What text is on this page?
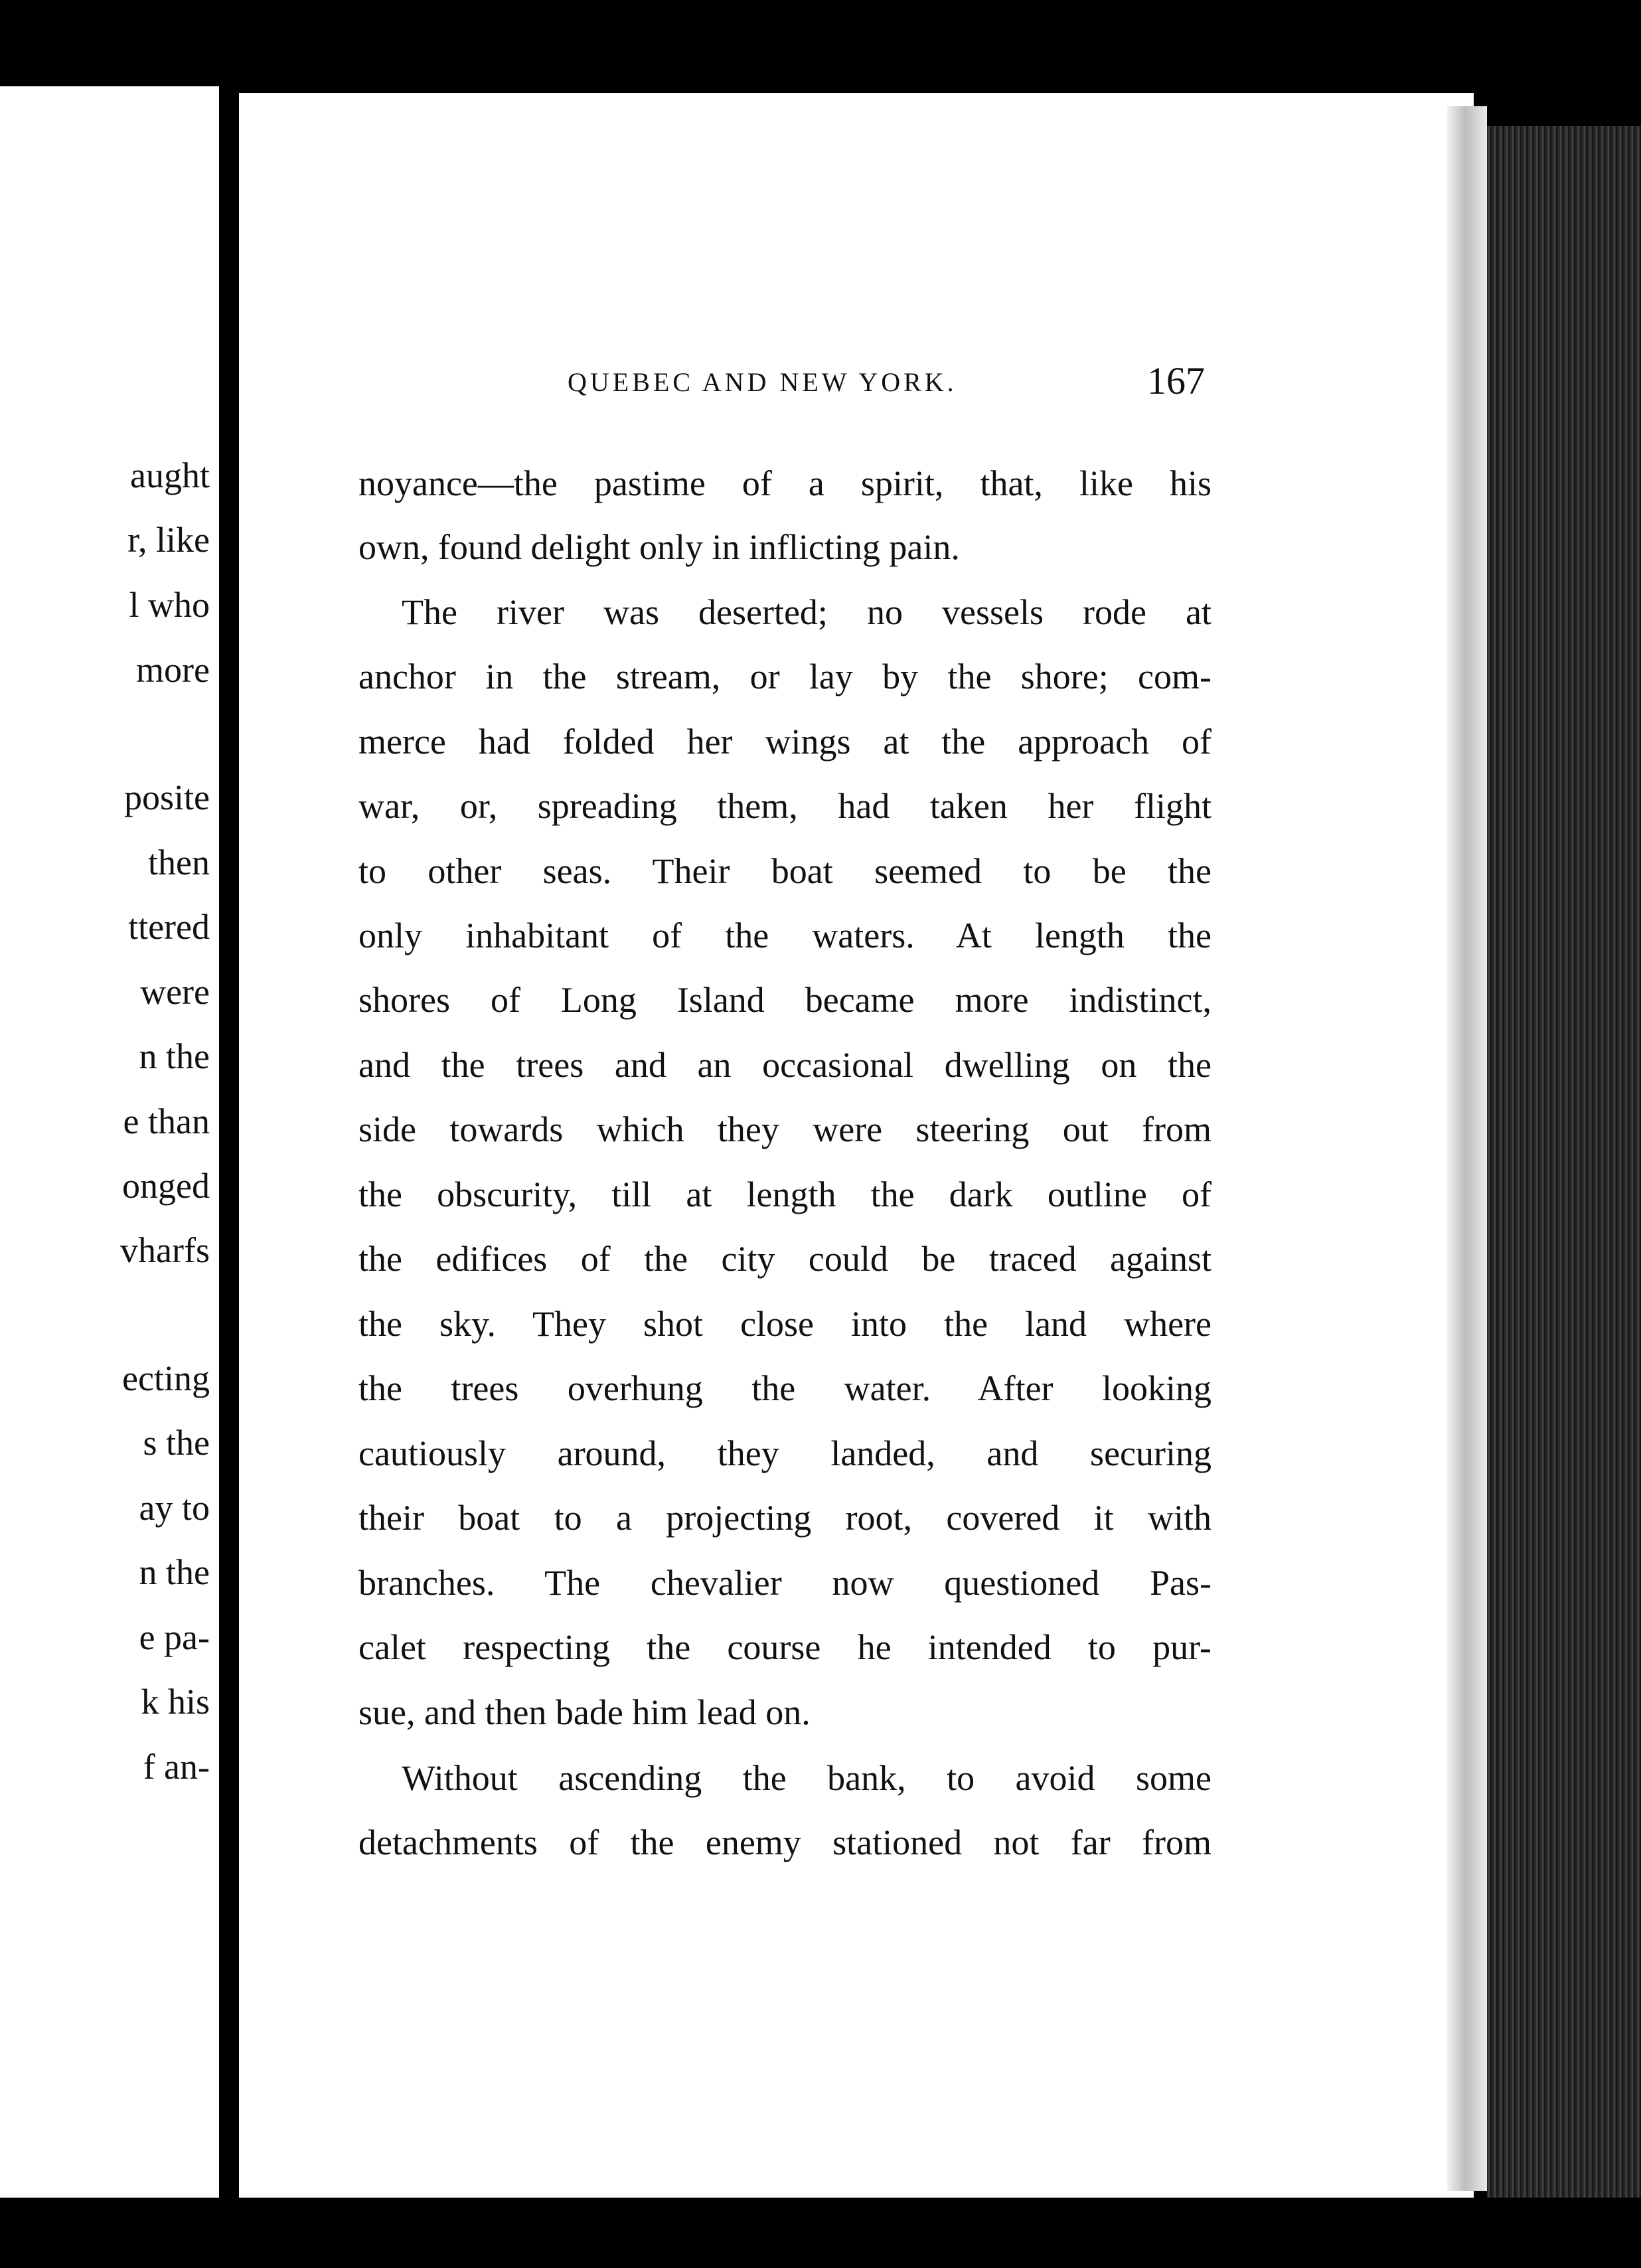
aught
r, like
l who
more
posite
then
ttered
were
n the
e than
onged
vharfs
ecting
s the
ay to
n the
e pa-
k his
f an-
QUEBEC AND NEW YORK.	167
noyance—the pastime of a spirit, that, like his
own, found delight only in inflicting pain.
The river was deserted; no vessels rode at
anchor in the stream, or lay by the shore; com-
merce had folded her wings at the approach of
war, or, spreading them, had taken her flight
to other seas. Their boat seemed to be the
only inhabitant of the waters. At length the
shores of Long Island became more indistinct,
and the trees and an occasional dwelling on the
side towards which they were steering out from
the obscurity, till at length the dark outline of
the edifices of the city could be traced against
the sky. They shot close into the land where
the trees overhung the water. After looking
cautiously around, they landed, and securing
their boat to a projecting root, covered it with
branches. The chevalier now questioned Pas-
calet respecting the course he intended to pur-
sue, and then bade him lead on.
Without ascending the bank, to avoid some
detachments of the enemy stationed not far from
